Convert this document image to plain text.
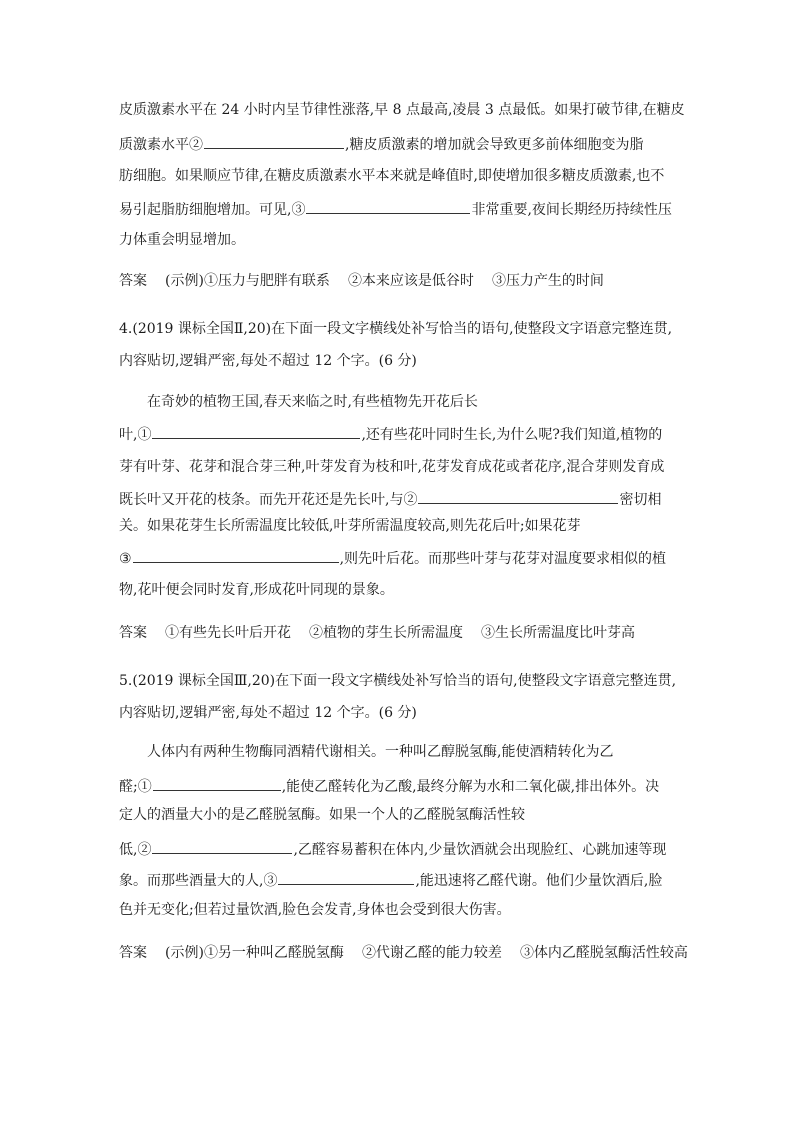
皮质激素水平在 24 小时内呈节律性涨落,早 8 点最高,凌晨 3 点最低。如果打破节律,在糖皮
质激素水平②	,糖皮质激素的增加就会导致更多前体细胞变为脂
肪细胞。如果顺应节律,在糖皮质激素水平本来就是峰值时,即使增加很多糖皮质激素,也不
易引起脂肪细胞增加。可见,③	非常重要,夜间长期经历持续性压
力体重会明显增加。
答案 (示例)①压力与肥胖有联系 ②本来应该是低谷时 ③压力产生的时间
4.(2019 课标全国Ⅱ,20)在下面一段文字横线处补写恰当的语句,使整段文字语意完整连贯,
内容贴切,逻辑严密,每处不超过 12 个字。(6 分)
在奇妙的植物王国,春天来临之时,有些植物先开花后长
叶,①	,还有些花叶同时生长,为什么呢?我们知道,植物的
芽有叶芽、花芽和混合芽三种,叶芽发育为枝和叶,花芽发育成花或者花序,混合芽则发育成
既长叶又开花的枝条。而先开花还是先长叶,与②	密切相
关。如果花芽生长所需温度比较低,叶芽所需温度较高,则先花后叶;如果花芽
③	,则先叶后花。而那些叶芽与花芽对温度要求相似的植
物,花叶便会同时发育,形成花叶同现的景象。
答案 ①有些先长叶后开花 ②植物的芽生长所需温度 ③生长所需温度比叶芽高
5.(2019 课标全国Ⅲ,20)在下面一段文字横线处补写恰当的语句,使整段文字语意完整连贯,
内容贴切,逻辑严密,每处不超过 12 个字。(6 分)
人体内有两种生物酶同酒精代谢相关。一种叫乙醇脱氢酶,能使酒精转化为乙
醛;①	,能使乙醛转化为乙酸,最终分解为水和二氧化碳,排出体外。决
定人的酒量大小的是乙醛脱氢酶。如果一个人的乙醛脱氢酶活性较
低,②	,乙醛容易蓄积在体内,少量饮酒就会出现脸红、心跳加速等现
象。而那些酒量大的人,③	,能迅速将乙醛代谢。他们少量饮酒后,脸
色并无变化;但若过量饮酒,脸色会发青,身体也会受到很大伤害。
答案 (示例)①另一种叫乙醛脱氢酶 ②代谢乙醛的能力较差 ③体内乙醛脱氢酶活性较高
